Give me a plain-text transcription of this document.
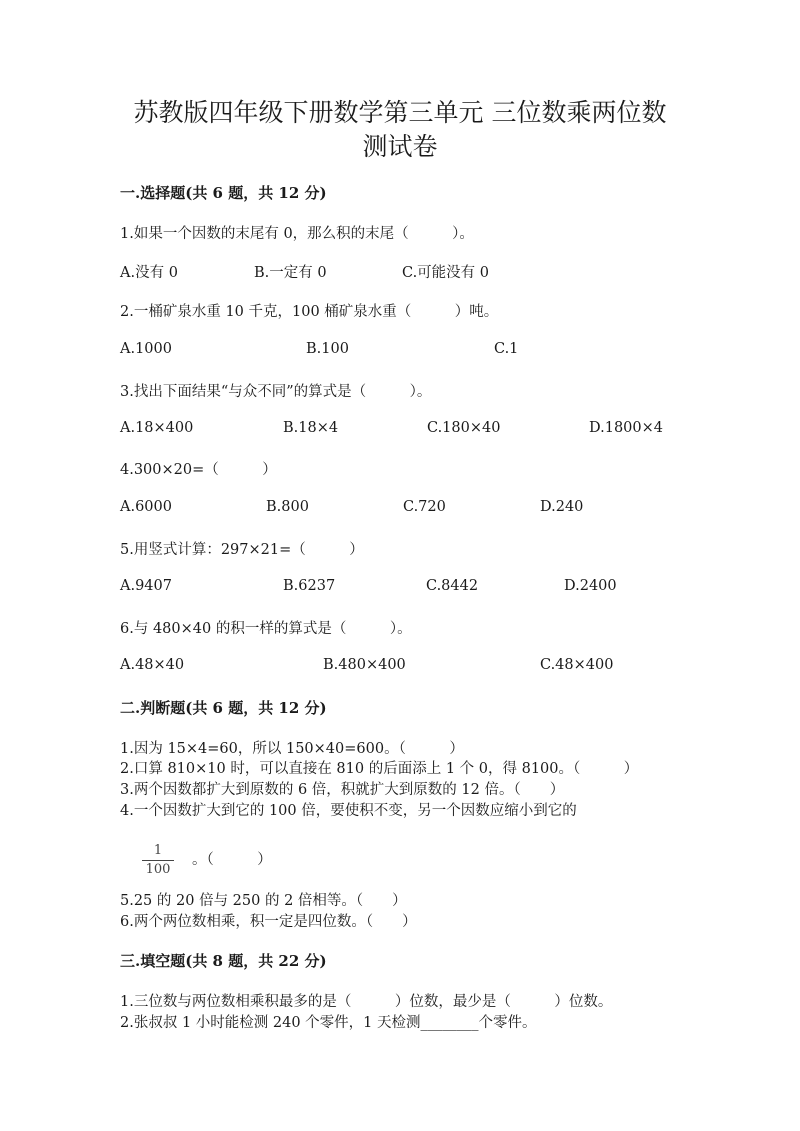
苏教版四年级下册数学第三单元 三位数乘两位数
测试卷
一.选择题(共 6 题，共 12 分)
1.如果一个因数的末尾有 0，那么积的末尾（　　　）。
A.没有 0	B.一定有 0	C.可能没有 0
2.一桶矿泉水重 10 千克，100 桶矿泉水重（　　　）吨。
A.1000	B.100	C.1
3.找出下面结果“与众不同”的算式是（　　　）。
A.18×400	B.18×4	C.180×40	D.1800×4
4.300×20=（　　　）
A.6000	B.800	C.720	D.240
5.用竖式计算：297×21=（　　　）
A.9407	B.6237	C.8442	D.2400
6.与 480×40 的积一样的算式是（　　　）。
A.48×40	B.480×400	C.48×400
二.判断题(共 6 题，共 12 分)
1.因为 15×4=60，所以 150×40=600。（　　　）
2.口算 810×10 时，可以直接在 810 的后面添上 1 个 0，得 8100。（　　　）
3.两个因数都扩大到原数的 6 倍，积就扩大到原数的 12 倍。（　　）
4.一个因数扩大到它的 100 倍，要使积不变，另一个因数应缩小到它的
1
100
。（　　　）
5.25 的 20 倍与 250 的 2 倍相等。（　　）
6.两个两位数相乘，积一定是四位数。（　　）
三.填空题(共 8 题，共 22 分)
1.三位数与两位数相乘积最多的是（　　　）位数，最少是（　　　）位数。
2.张叔叔 1 小时能检测 240 个零件，1 天检测________个零件。
